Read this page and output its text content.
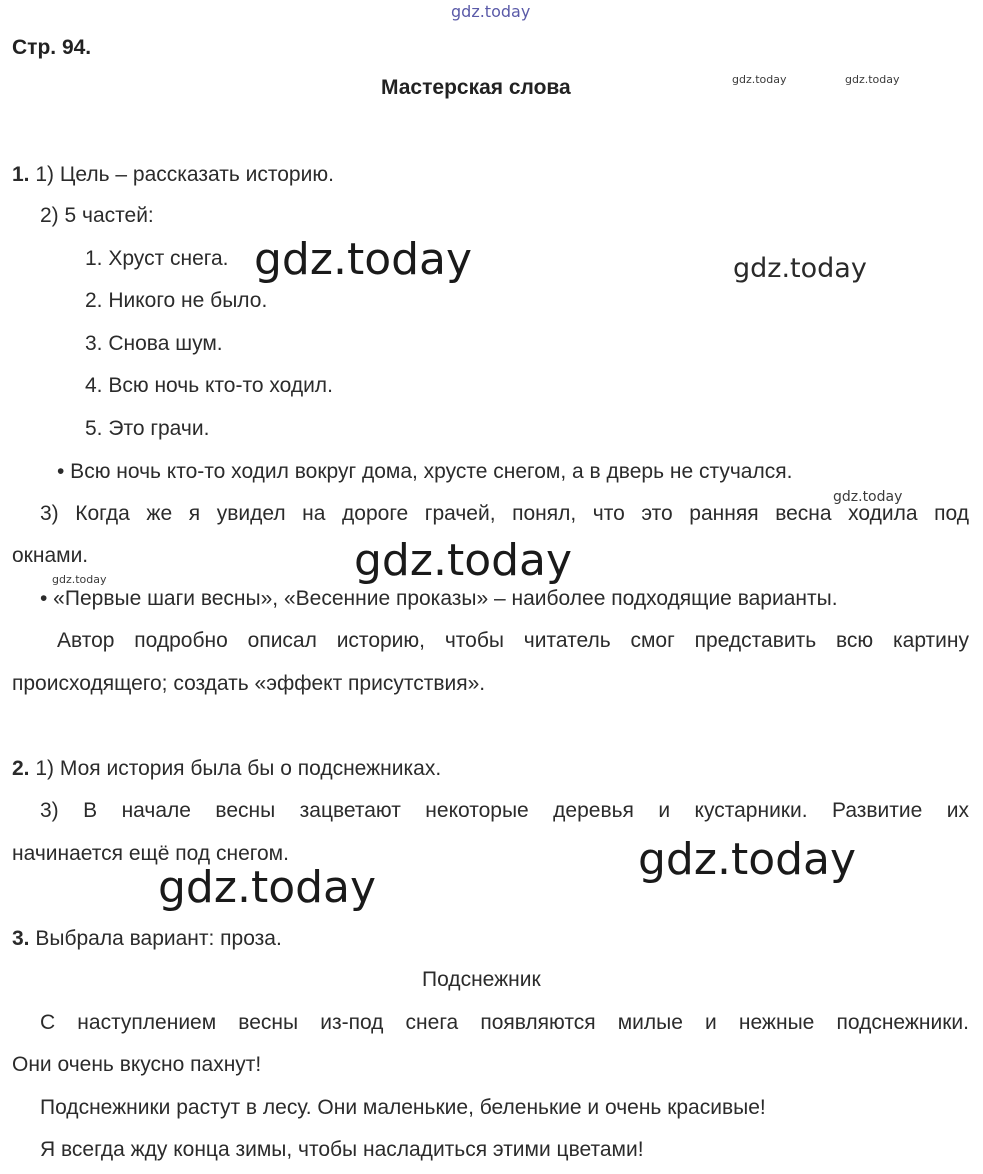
gdz.today
gdz.today	gdz.today
gdz.today	gdz.today
gdz.today
gdz.today
gdz.today
gdz.today
gdz.today
Стр. 94.
Мастерская слова
1. 1) Цель – рассказать историю.
2) 5 частей:
1. Хруст снега.
2. Никого не было.
3. Снова шум.
4. Всю ночь кто-то ходил.
5. Это грачи.
• Всю ночь кто-то ходил вокруг дома, хрусте снегом, а в дверь не стучался.
3) Когда же я увидел на дороге грачей, понял, что это ранняя весна ходила под
окнами.
• «Первые шаги весны», «Весенние проказы» – наиболее подходящие варианты.
Автор подробно описал историю, чтобы читатель смог представить всю картину
происходящего; создать «эффект присутствия».
2. 1) Моя история была бы о подснежниках.
3) В начале весны зацветают некоторые деревья и кустарники. Развитие их
начинается ещё под снегом.
3. Выбрала вариант: проза.
Подснежник
С наступлением весны из-под снега появляются милые и нежные подснежники.
Они очень вкусно пахнут!
Подснежники растут в лесу. Они маленькие, беленькие и очень красивые!
Я всегда жду конца зимы, чтобы насладиться этими цветами!
